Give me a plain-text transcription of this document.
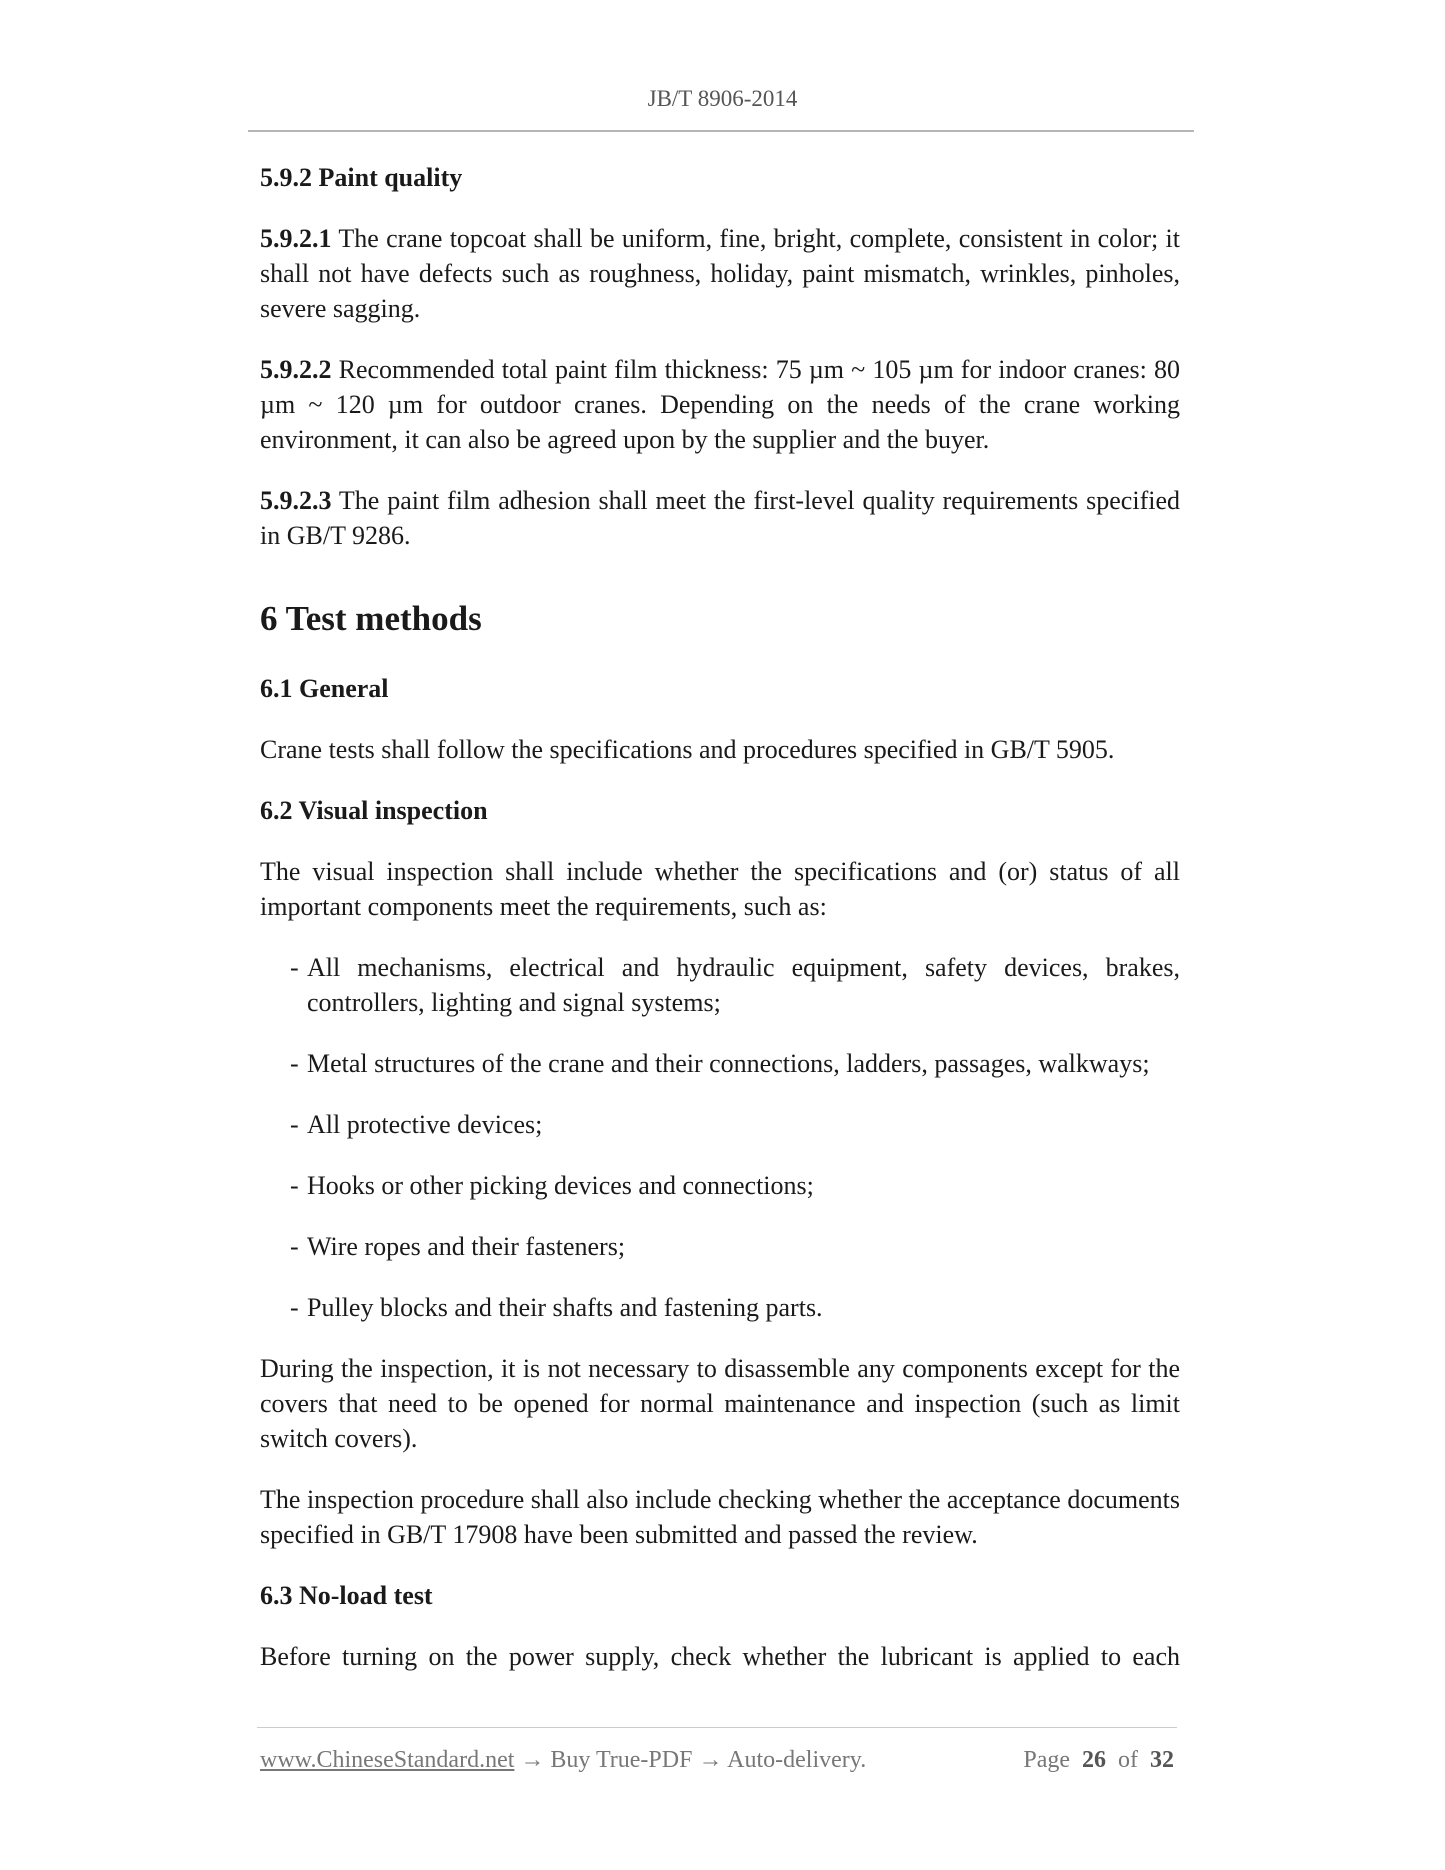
JB/T 8906-2014
5.9.2 Paint quality
5.9.2.1 The crane topcoat shall be uniform, fine, bright, complete, consistent in color; it shall not have defects such as roughness, holiday, paint mismatch, wrinkles, pinholes, severe sagging.
5.9.2.2 Recommended total paint film thickness: 75 µm ~ 105 µm for indoor cranes: 80 µm ~ 120 µm for outdoor cranes. Depending on the needs of the crane working environment, it can also be agreed upon by the supplier and the buyer.
5.9.2.3 The paint film adhesion shall meet the first-level quality requirements specified in GB/T 9286.
6 Test methods
6.1 General
Crane tests shall follow the specifications and procedures specified in GB/T 5905.
6.2 Visual inspection
The visual inspection shall include whether the specifications and (or) status of all important components meet the requirements, such as:
- All mechanisms, electrical and hydraulic equipment, safety devices, brakes, controllers, lighting and signal systems;
- Metal structures of the crane and their connections, ladders, passages, walkways;
- All protective devices;
- Hooks or other picking devices and connections;
- Wire ropes and their fasteners;
- Pulley blocks and their shafts and fastening parts.
During the inspection, it is not necessary to disassemble any components except for the covers that need to be opened for normal maintenance and inspection (such as limit switch covers).
The inspection procedure shall also include checking whether the acceptance documents specified in GB/T 17908 have been submitted and passed the review.
6.3 No-load test
Before turning on the power supply, check whether the lubricant is applied to each
www.ChineseStandard.net → Buy True-PDF → Auto-delivery.	Page 26 of 32
